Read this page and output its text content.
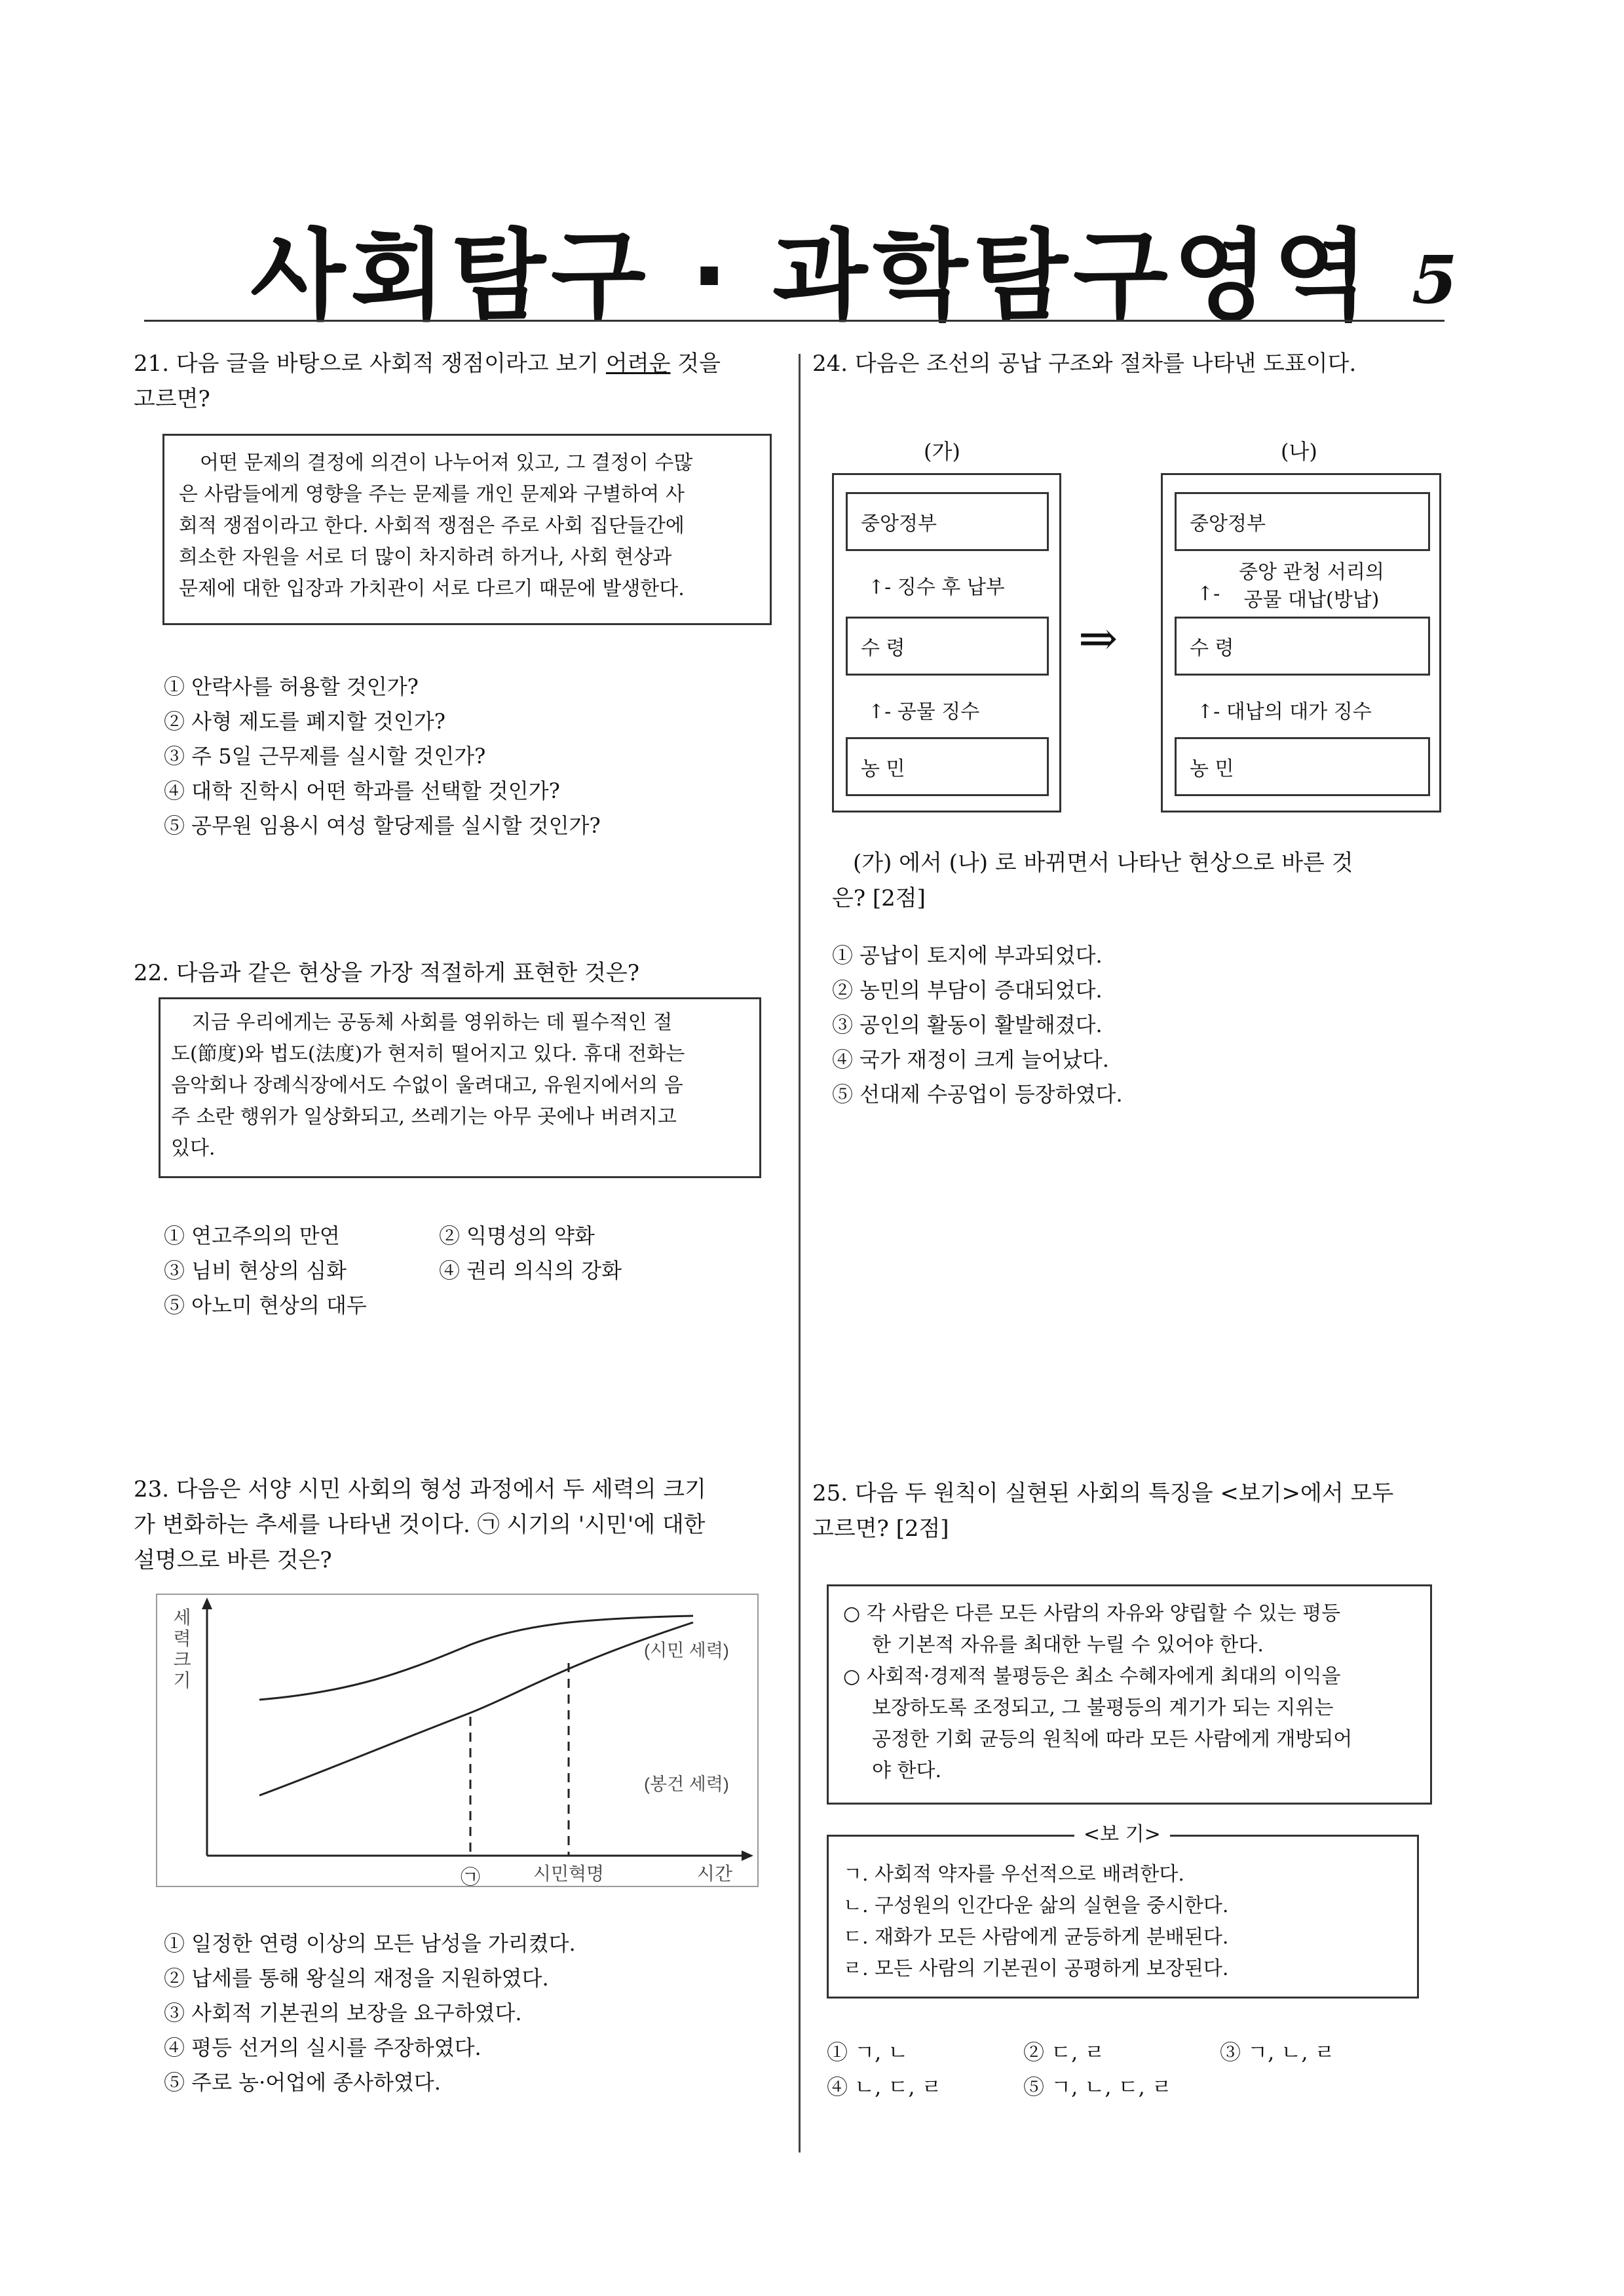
사회탐구 · 과학탐구영역 5
21. 다음 글을 바탕으로 사회적 쟁점이라고 보기 어려운 것을
고르면?
어떤 문제의 결정에 의견이 나누어져 있고, 그 결정이 수많
은 사람들에게 영향을 주는 문제를 개인 문제와 구별하여 사
회적 쟁점이라고 한다. 사회적 쟁점은 주로 사회 집단들간에
희소한 자원을 서로 더 많이 차지하려 하거나, 사회 현상과
문제에 대한 입장과 가치관이 서로 다르기 때문에 발생한다.
① 안락사를 허용할 것인가?
② 사형 제도를 폐지할 것인가?
③ 주 5일 근무제를 실시할 것인가?
④ 대학 진학시 어떤 학과를 선택할 것인가?
⑤ 공무원 임용시 여성 할당제를 실시할 것인가?
22. 다음과 같은 현상을 가장 적절하게 표현한 것은?
지금 우리에게는 공동체 사회를 영위하는 데 필수적인 절
도(節度)와 법도(法度)가 현저히 떨어지고 있다. 휴대 전화는
음악회나 장례식장에서도 수없이 울려대고, 유원지에서의 음
주 소란 행위가 일상화되고, 쓰레기는 아무 곳에나 버려지고
있다.
① 연고주의의 만연	② 익명성의 약화
③ 님비 현상의 심화	④ 권리 의식의 강화
⑤ 아노미 현상의 대두
23. 다음은 서양 시민 사회의 형성 과정에서 두 세력의 크기
가 변화하는 추세를 나타낸 것이다. ㉠ 시기의 '시민'에 대한
설명으로 바른 것은?
세
력
크
기
시간
(시민 세력)
(봉건 세력)
㉠	시민혁명
① 일정한 연령 이상의 모든 남성을 가리켰다.
② 납세를 통해 왕실의 재정을 지원하였다.
③ 사회적 기본권의 보장을 요구하였다.
④ 평등 선거의 실시를 주장하였다.
⑤ 주로 농·어업에 종사하였다.
24. 다음은 조선의 공납 구조와 절차를 나타낸 도표이다.
(가)	(나)
중앙정부
↑- 징수 후 납부
수 령
↑- 공물 징수
농 민
⇒
중앙정부
↑-
중앙 관청 서리의
공물 대납(방납)
수 령
↑- 대납의 대가 징수
농 민
(가) 에서 (나) 로 바뀌면서 나타난 현상으로 바른 것
은? [2점]
① 공납이 토지에 부과되었다.
② 농민의 부담이 증대되었다.
③ 공인의 활동이 활발해졌다.
④ 국가 재정이 크게 늘어났다.
⑤ 선대제 수공업이 등장하였다.
25. 다음 두 원칙이 실현된 사회의 특징을 <보기>에서 모두
고르면? [2점]
○ 각 사람은 다른 모든 사람의 자유와 양립할 수 있는 평등
한 기본적 자유를 최대한 누릴 수 있어야 한다.
○ 사회적·경제적 불평등은 최소 수혜자에게 최대의 이익을
보장하도록 조정되고, 그 불평등의 계기가 되는 지위는
공정한 기회 균등의 원칙에 따라 모든 사람에게 개방되어
야 한다.
ㄱ. 사회적 약자를 우선적으로 배려한다.
ㄴ. 구성원의 인간다운 삶의 실현을 중시한다.
ㄷ. 재화가 모든 사람에게 균등하게 분배된다.
ㄹ. 모든 사람의 기본권이 공평하게 보장된다.
<보 기>
① ㄱ, ㄴ	② ㄷ, ㄹ	③ ㄱ, ㄴ, ㄹ
④ ㄴ, ㄷ, ㄹ	⑤ ㄱ, ㄴ, ㄷ, ㄹ
